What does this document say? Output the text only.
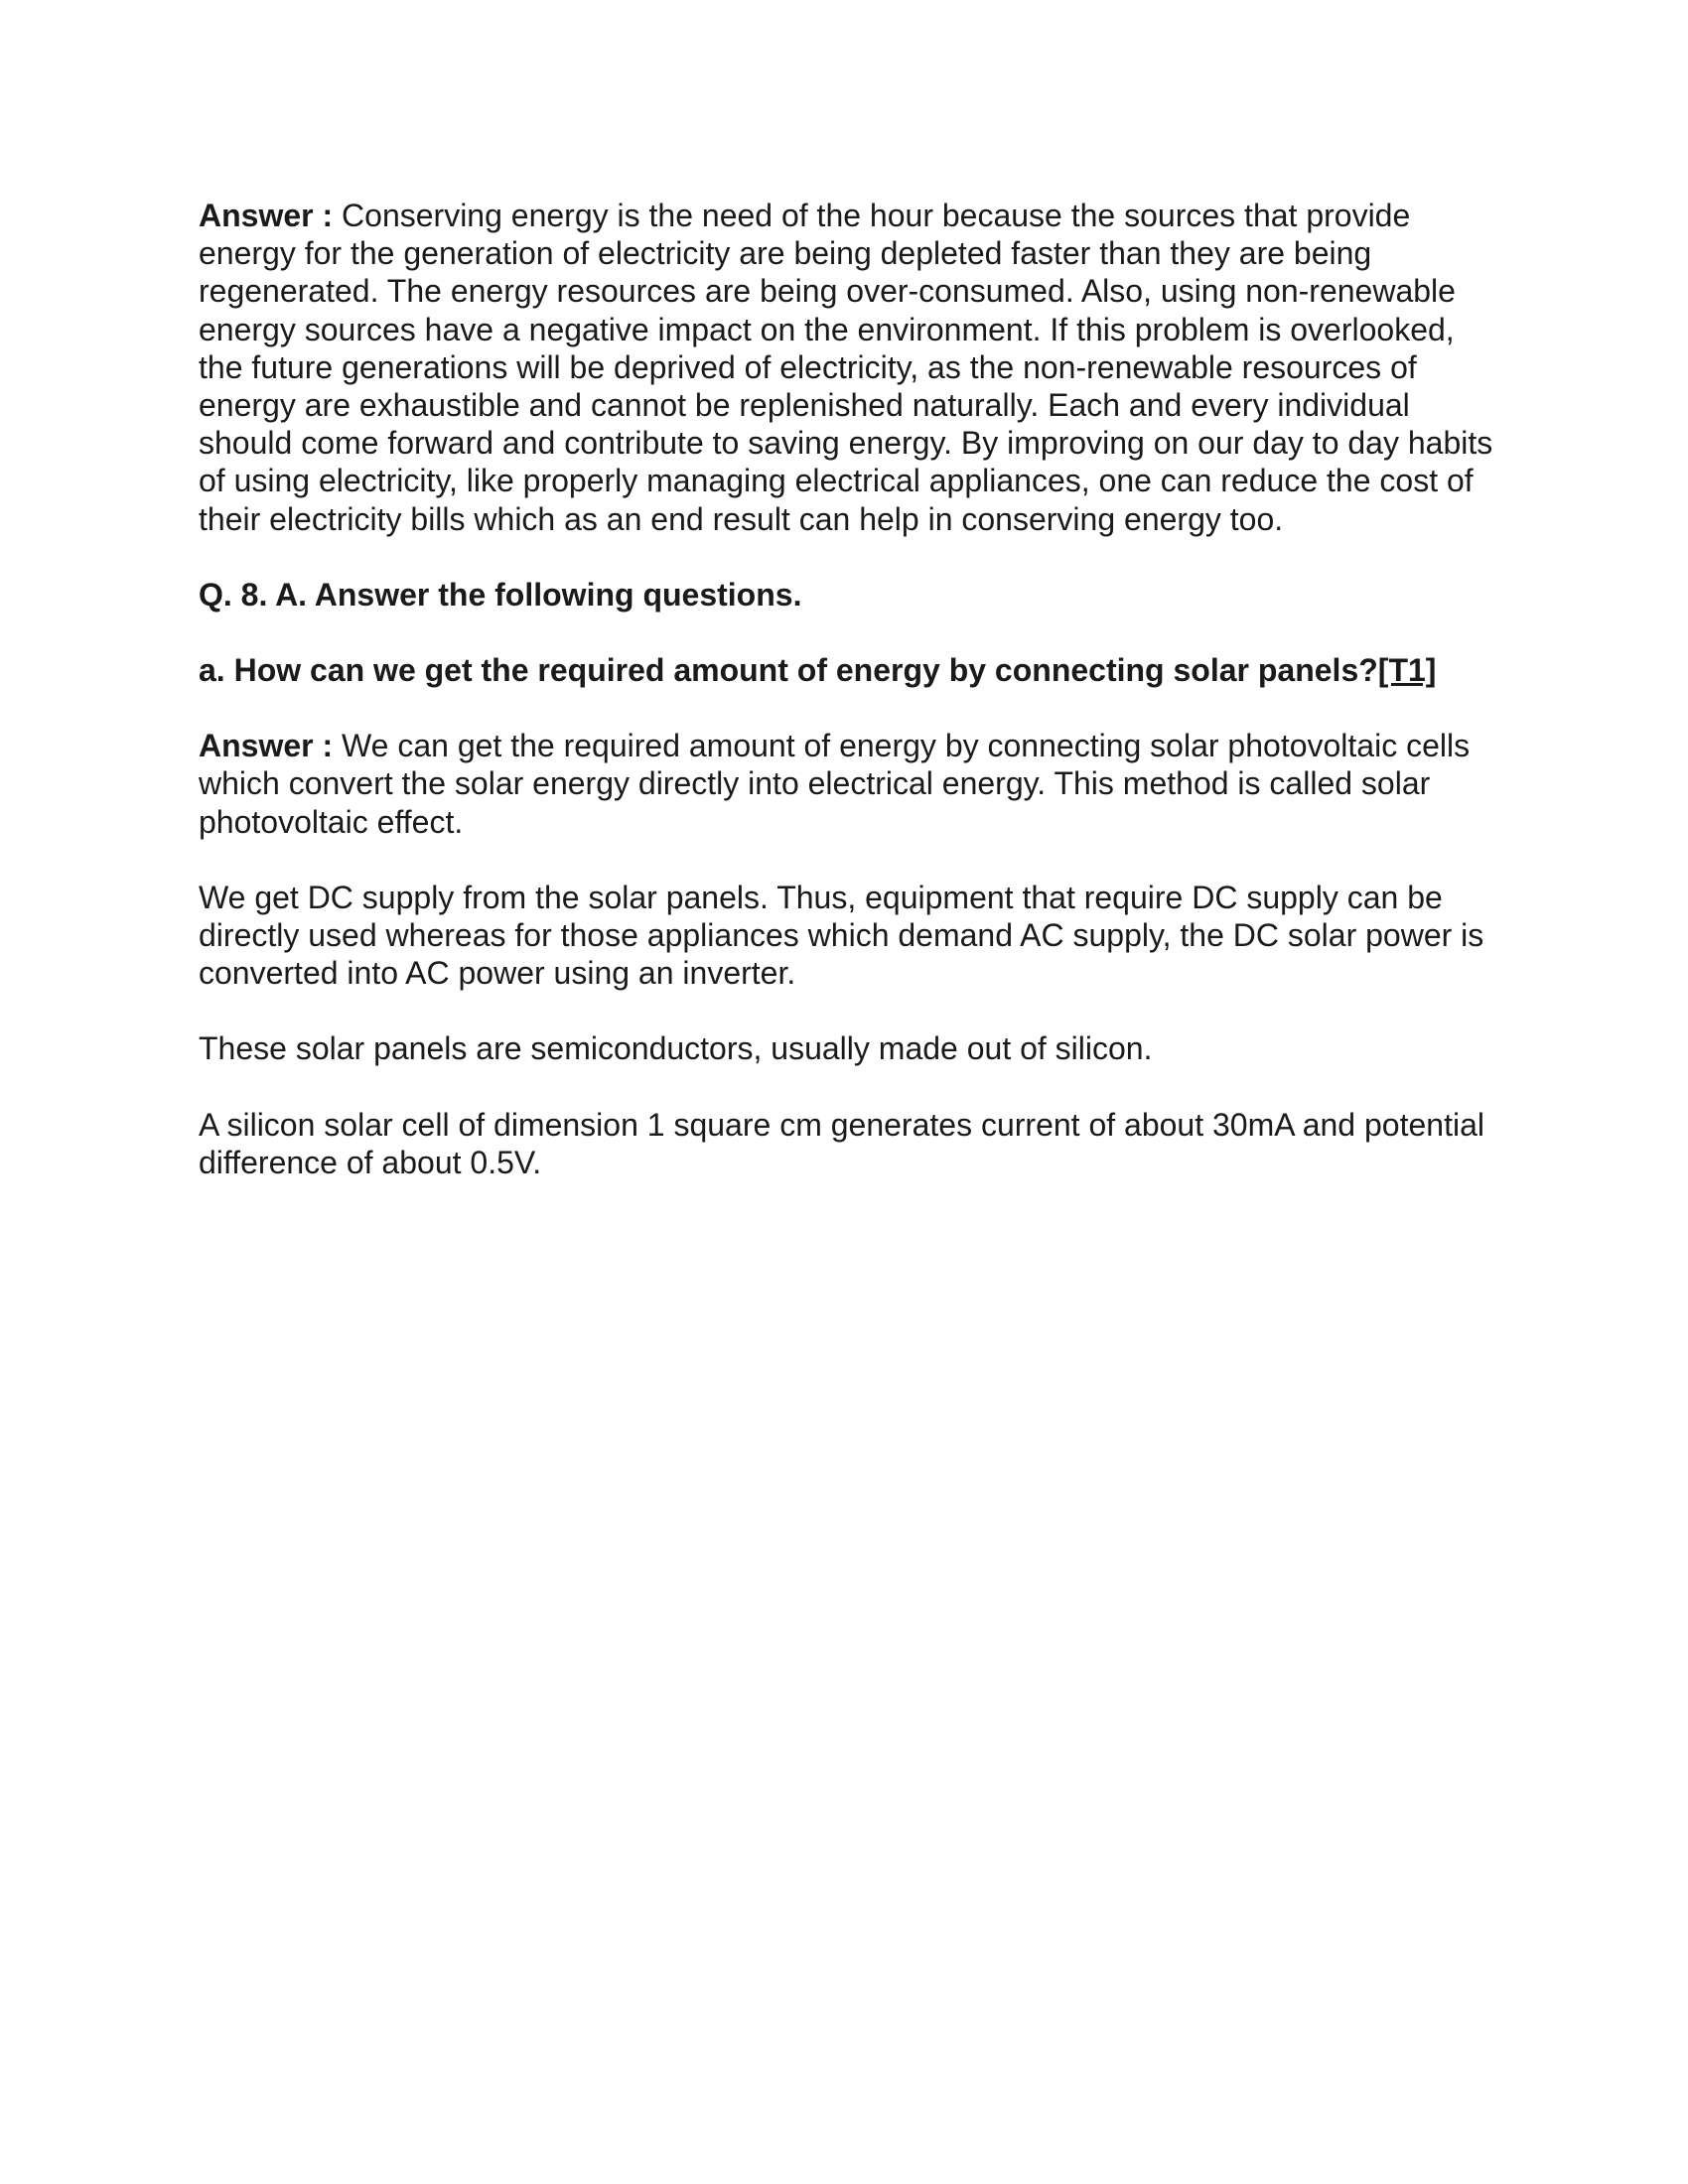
Answer : Conserving energy is the need of the hour because the sources that provide energy for the generation of electricity are being depleted faster than they are being regenerated. The energy resources are being over-consumed. Also, using non-renewable energy sources have a negative impact on the environment. If this problem is overlooked, the future generations will be deprived of electricity, as the non-renewable resources of energy are exhaustible and cannot be replenished naturally. Each and every individual should come forward and contribute to saving energy. By improving on our day to day habits of using electricity, like properly managing electrical appliances, one can reduce the cost of their electricity bills which as an end result can help in conserving energy too.

Q. 8. A. Answer the following questions.

a. How can we get the required amount of energy by connecting solar panels?[T1]

Answer : We can get the required amount of energy by connecting solar photovoltaic cells which convert the solar energy directly into electrical energy. This method is called solar photovoltaic effect.

We get DC supply from the solar panels. Thus, equipment that require DC supply can be directly used whereas for those appliances which demand AC supply, the DC solar power is converted into AC power using an inverter.

These solar panels are semiconductors, usually made out of silicon.

A silicon solar cell of dimension 1 square cm generates current of about 30mA and potential difference of about 0.5V.
